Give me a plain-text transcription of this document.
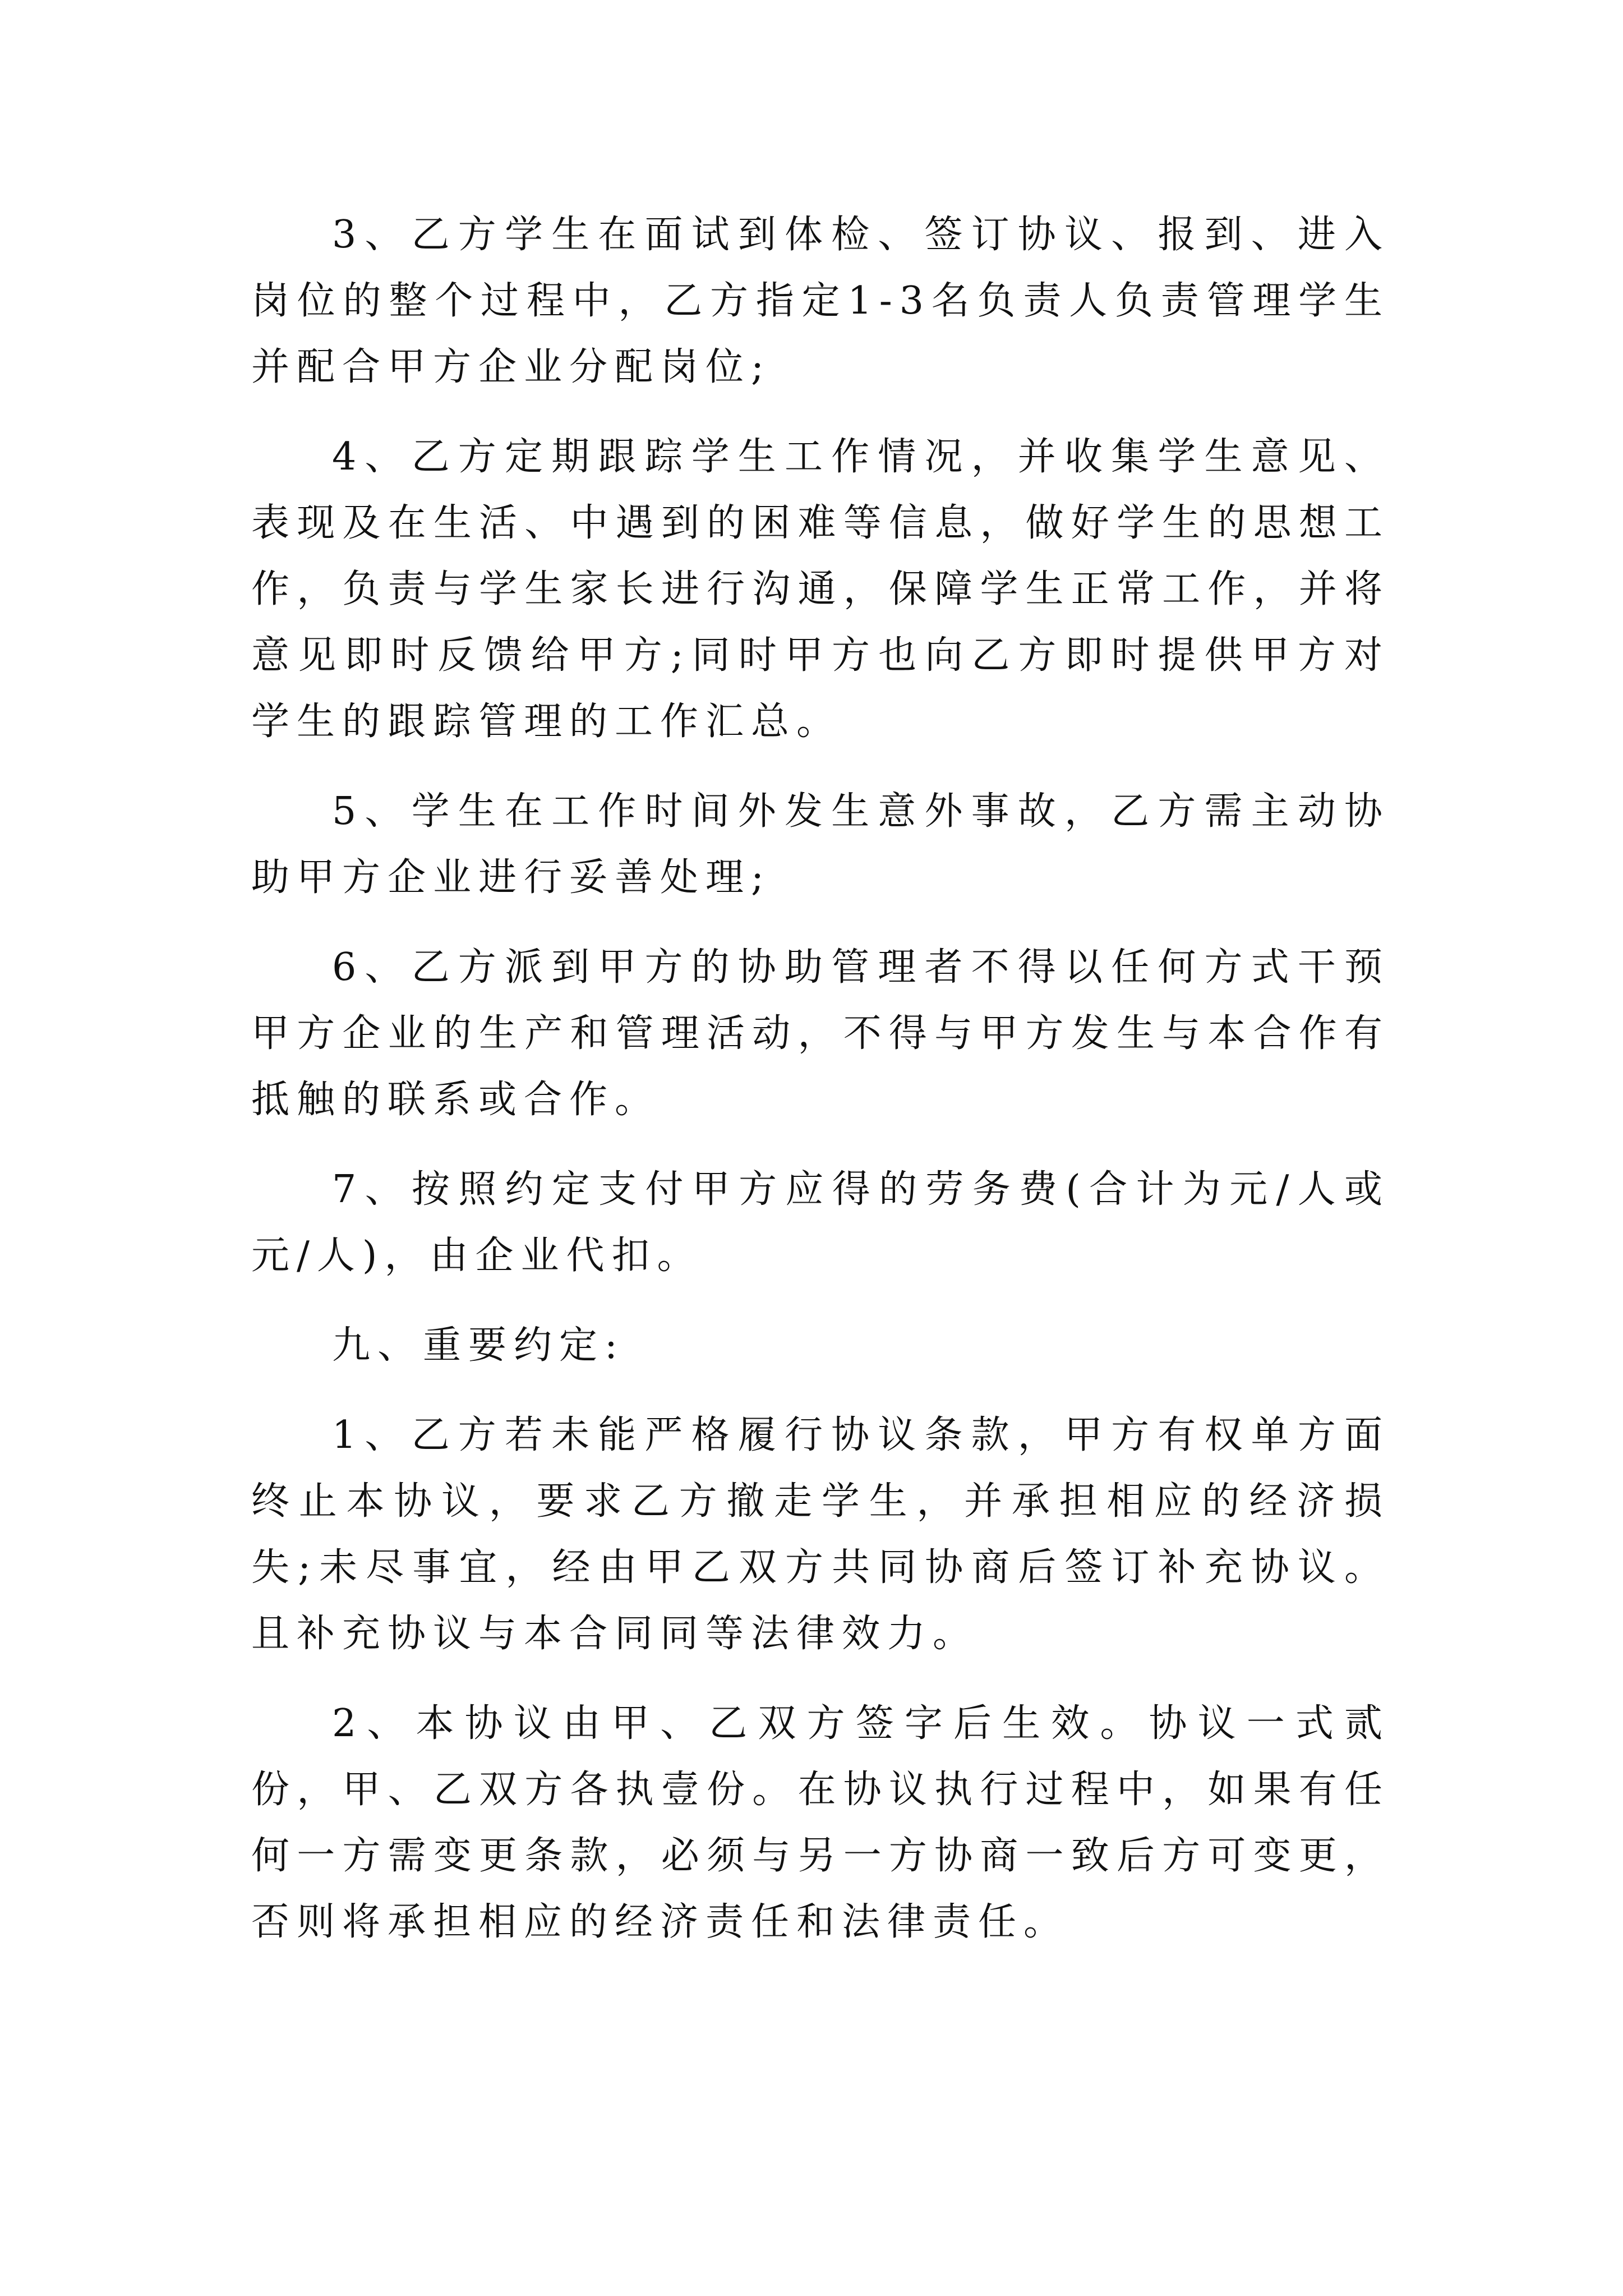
3、乙方学生在面试到体检、签订协议、报到、进入岗位的整个过程中，乙方指定1-3名负责人负责管理学生并配合甲方企业分配岗位;

4、乙方定期跟踪学生工作情况，并收集学生意见、表现及在生活、中遇到的困难等信息，做好学生的思想工作，负责与学生家长进行沟通，保障学生正常工作，并将意见即时反馈给甲方;同时甲方也向乙方即时提供甲方对学生的跟踪管理的工作汇总。

5、学生在工作时间外发生意外事故，乙方需主动协助甲方企业进行妥善处理;

6、乙方派到甲方的协助管理者不得以任何方式干预甲方企业的生产和管理活动，不得与甲方发生与本合作有抵触的联系或合作。

7、按照约定支付甲方应得的劳务费(合计为元/人或元/人)，由企业代扣。

九、重要约定:

1、乙方若未能严格履行协议条款，甲方有权单方面终止本协议，要求乙方撤走学生，并承担相应的经济损失;未尽事宜，经由甲乙双方共同协商后签订补充协议。且补充协议与本合同同等法律效力。

2、本协议由甲、乙双方签字后生效。协议一式贰份，甲、乙双方各执壹份。在协议执行过程中，如果有任何一方需变更条款，必须与另一方协商一致后方可变更，否则将承担相应的经济责任和法律责任。
